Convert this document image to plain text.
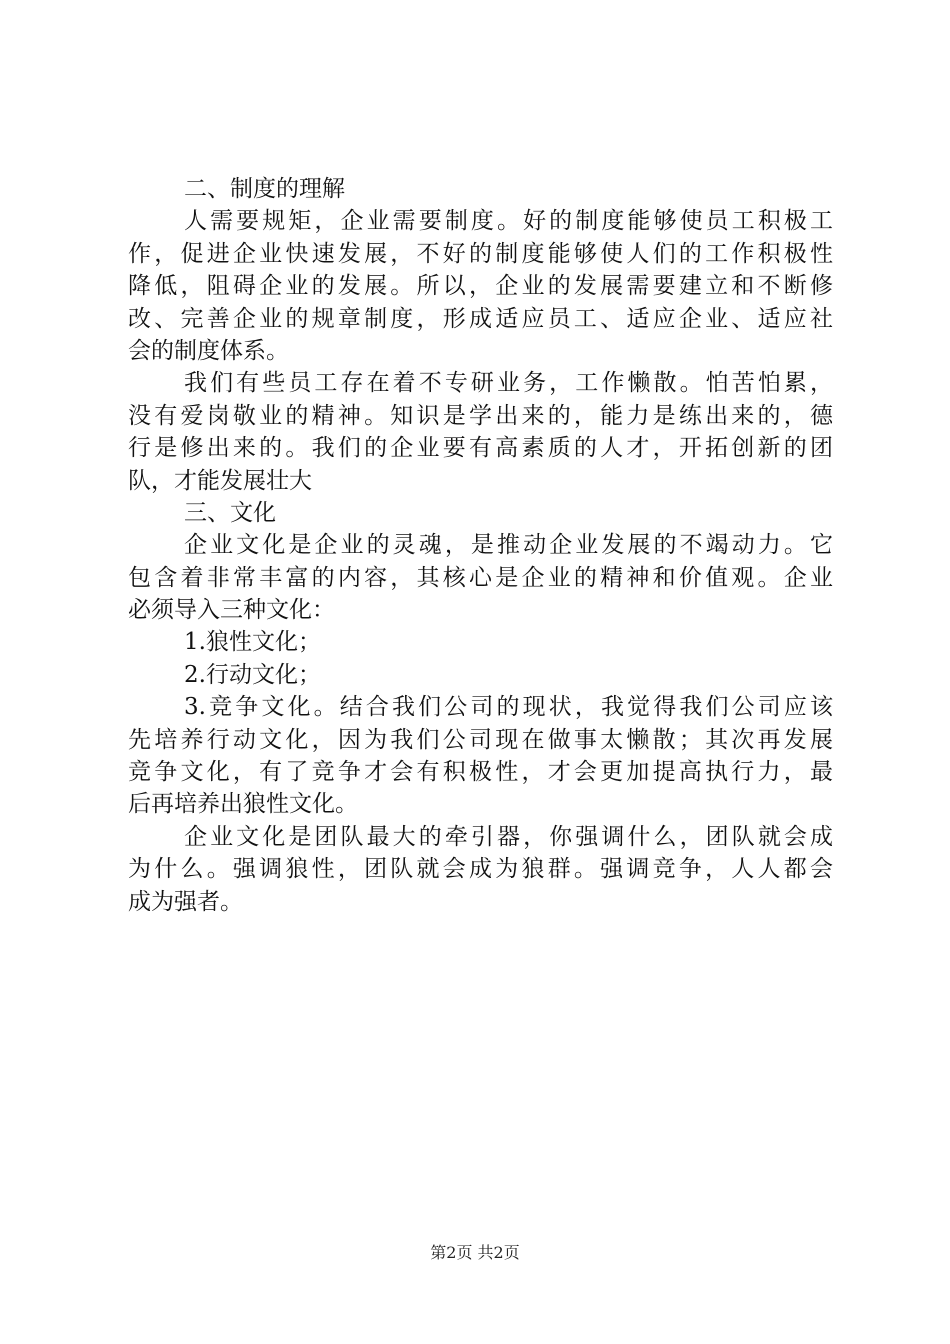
二、制度的理解
人需要规矩，企业需要制度。好的制度能够使员工积极工
作，促进企业快速发展，不好的制度能够使人们的工作积极性
降低，阻碍企业的发展。所以，企业的发展需要建立和不断修
改、完善企业的规章制度，形成适应员工、适应企业、适应社
会的制度体系。
我们有些员工存在着不专研业务，工作懒散。怕苦怕累，
没有爱岗敬业的精神。知识是学出来的，能力是练出来的，德
行是修出来的。我们的企业要有高素质的人才，开拓创新的团
队，才能发展壮大
三、文化
企业文化是企业的灵魂，是推动企业发展的不竭动力。它
包含着非常丰富的内容，其核心是企业的精神和价值观。企业
必须导入三种文化：
1.狼性文化；
2.行动文化；
3.竞争文化。结合我们公司的现状，我觉得我们公司应该
先培养行动文化，因为我们公司现在做事太懒散；其次再发展
竞争文化，有了竞争才会有积极性，才会更加提高执行力，最
后再培养出狼性文化。
企业文化是团队最大的牵引器，你强调什么，团队就会成
为什么。强调狼性，团队就会成为狼群。强调竞争，人人都会
成为强者。
第2页 共2页
